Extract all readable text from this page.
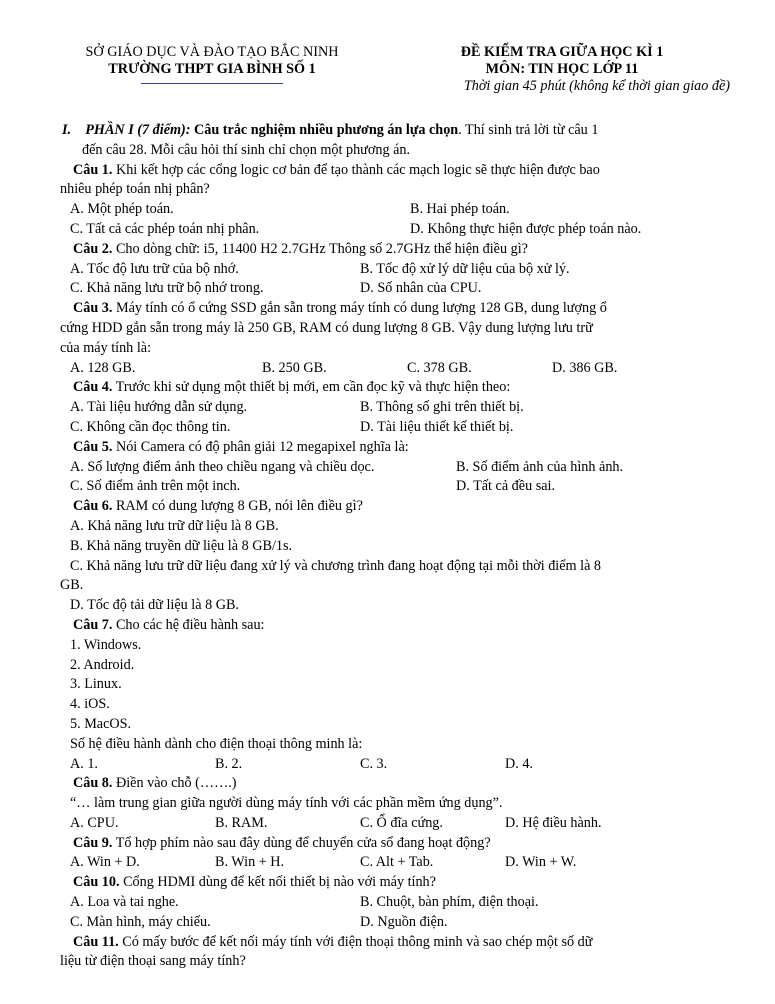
SỞ GIÁO DỤC VÀ ĐÀO TẠO BẮC NINH
TRƯỜNG THPT GIA BÌNH SỐ 1
ĐỀ KIỂM TRA GIỮA HỌC KÌ 1
MÔN: TIN HỌC LỚP 11
Thời gian 45 phút (không kể thời gian giao đề)
I. PHẦN I (7 điểm): Câu trắc nghiệm nhiều phương án lựa chọn. Thí sinh trả lời từ câu 1
đến câu 28. Mỗi câu hỏi thí sinh chỉ chọn một phương án.
Câu 1. Khi kết hợp các cổng logic cơ bản để tạo thành các mạch logic sẽ thực hiện được bao
nhiêu phép toán nhị phân?
A. Một phép toán.	B. Hai phép toán.
C. Tất cả các phép toán nhị phân.	D. Không thực hiện được phép toán nào.
Câu 2. Cho dòng chữ: i5, 11400 H2 2.7GHz Thông số 2.7GHz thể hiện điều gì?
A. Tốc độ lưu trữ của bộ nhớ.	B. Tốc độ xử lý dữ liệu của bộ xử lý.
C. Khả năng lưu trữ bộ nhớ trong.	D. Số nhân của CPU.
Câu 3. Máy tính có ổ cứng SSD gắn sẵn trong máy tính có dung lượng 128 GB, dung lượng ổ
cứng HDD gắn sẵn trong máy là 250 GB, RAM có dung lượng 8 GB. Vậy dung lượng lưu trữ
của máy tính là:
A. 128 GB.	B. 250 GB.	C. 378 GB.	D. 386 GB.
Câu 4. Trước khi sử dụng một thiết bị mới, em cần đọc kỹ và thực hiện theo:
A. Tài liệu hướng dẫn sử dụng.	B. Thông số ghi trên thiết bị.
C. Không cần đọc thông tin.	D. Tài liệu thiết kế thiết bị.
Câu 5. Nói Camera có độ phân giải 12 megapixel nghĩa là:
A. Số lượng điểm ảnh theo chiều ngang và chiều dọc.	B. Số điểm ảnh của hình ảnh.
C. Số điểm ảnh trên một inch.	D. Tất cả đều sai.
Câu 6. RAM có dung lượng 8 GB, nói lên điều gì?
A. Khả năng lưu trữ dữ liệu là 8 GB.
B. Khả năng truyền dữ liệu là 8 GB/1s.
C. Khả năng lưu trữ dữ liệu đang xử lý và chương trình đang hoạt động tại mỗi thời điểm là 8
GB.
D. Tốc độ tải dữ liệu là 8 GB.
Câu 7. Cho các hệ điều hành sau:
1. Windows.
2. Android.
3. Linux.
4. iOS.
5. MacOS.
Số hệ điều hành dành cho điện thoại thông minh là:
A. 1.	B. 2.	C. 3.	D. 4.
Câu 8. Điền vào chỗ (…….)
“… làm trung gian giữa người dùng máy tính với các phần mềm ứng dụng”.
A. CPU.	B. RAM.	C. Ổ đĩa cứng.	D. Hệ điều hành.
Câu 9. Tổ hợp phím nào sau đây dùng để chuyển cửa sổ đang hoạt động?
A. Win + D.	B. Win + H.	C. Alt + Tab.	D. Win + W.
Câu 10. Cổng HDMI dùng để kết nối thiết bị nào với máy tính?
A. Loa và tai nghe.	B. Chuột, bàn phím, điện thoại.
C. Màn hình, máy chiếu.	D. Nguồn điện.
Câu 11. Có mấy bước để kết nối máy tính với điện thoại thông minh và sao chép một số dữ
liệu từ điện thoại sang máy tính?
